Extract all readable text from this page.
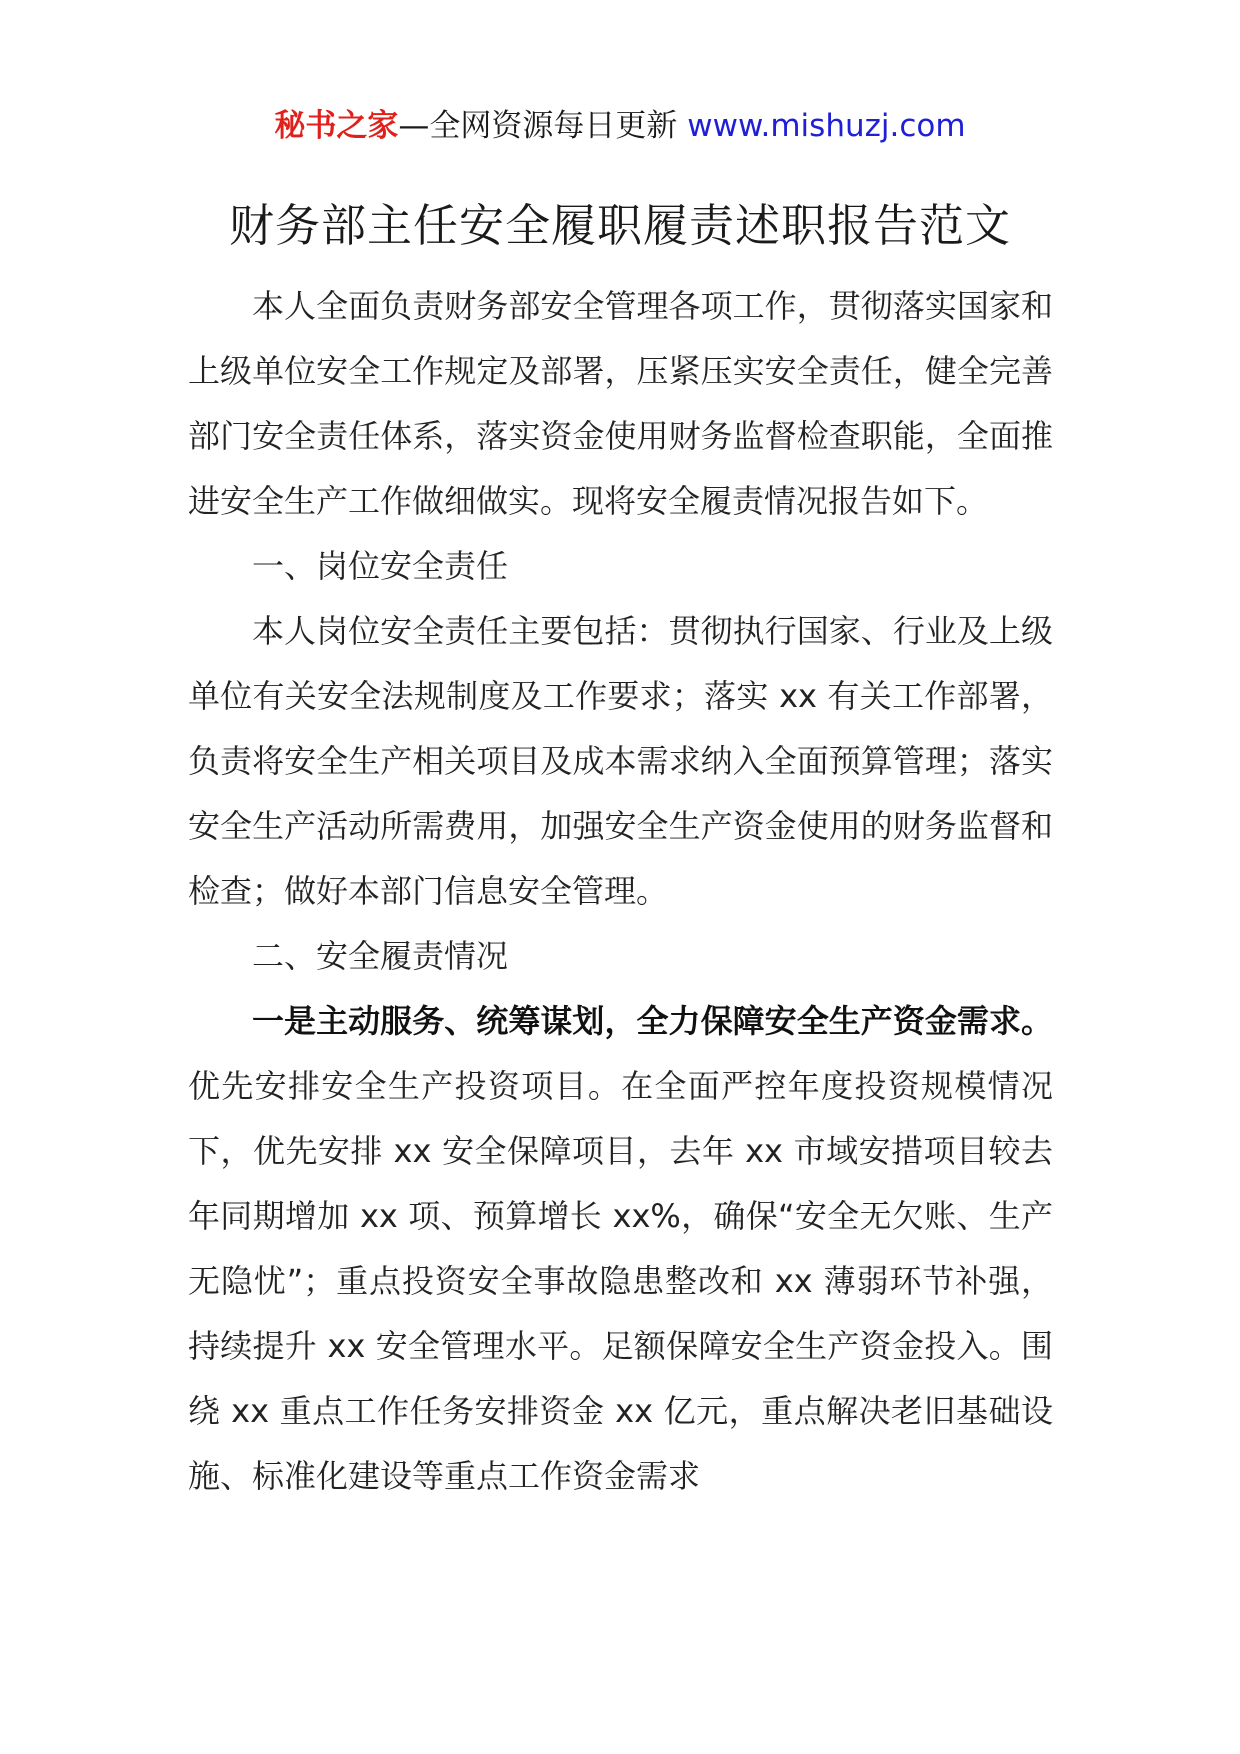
秘书之家—全网资源每日更新 www.mishuzj.com
财务部主任安全履职履责述职报告范文

本人全面负责财务部安全管理各项工作，贯彻落实国家和上级单位安全工作规定及部署，压紧压实安全责任，健全完善部门安全责任体系，落实资金使用财务监督检查职能，全面推进安全生产工作做细做实。现将安全履责情况报告如下。

一、岗位安全责任

本人岗位安全责任主要包括：贯彻执行国家、行业及上级单位有关安全法规制度及工作要求；落实 xx 有关工作部署，负责将安全生产相关项目及成本需求纳入全面预算管理；落实安全生产活动所需费用，加强安全生产资金使用的财务监督和检查；做好本部门信息安全管理。

二、安全履责情况

一是主动服务、统筹谋划，全力保障安全生产资金需求。优先安排安全生产投资项目。在全面严控年度投资规模情况下，优先安排 xx 安全保障项目，去年 xx 市域安措项目较去年同期增加 xx 项、预算增长 xx%，确保“安全无欠账、生产无隐忧”；重点投资安全事故隐患整改和 xx 薄弱环节补强，持续提升 xx 安全管理水平。足额保障安全生产资金投入。围绕 xx 重点工作任务安排资金 xx 亿元，重点解决老旧基础设施、标准化建设等重点工作资金需求
